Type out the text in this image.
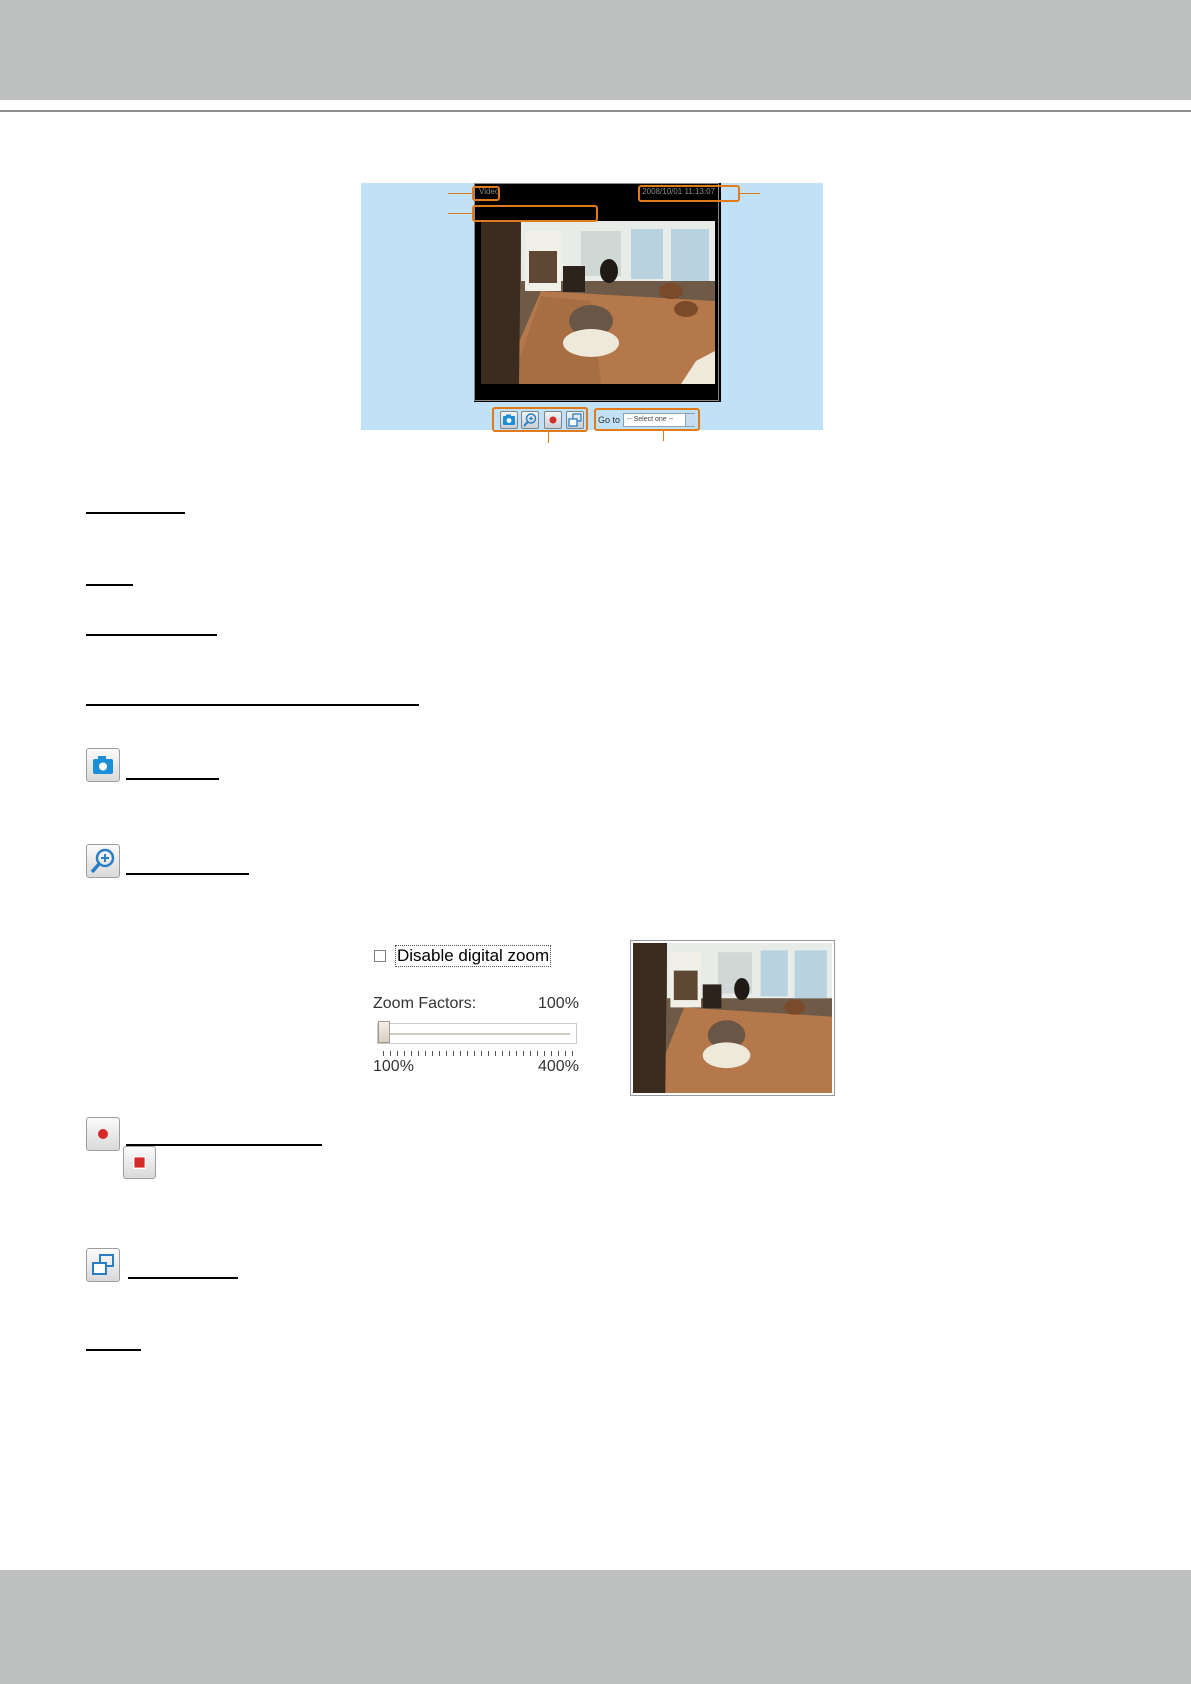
Video	2008/10/01 11:13:07
Go to -- Select one --
Disable digital zoom
Zoom Factors:	100%
100%	400%
